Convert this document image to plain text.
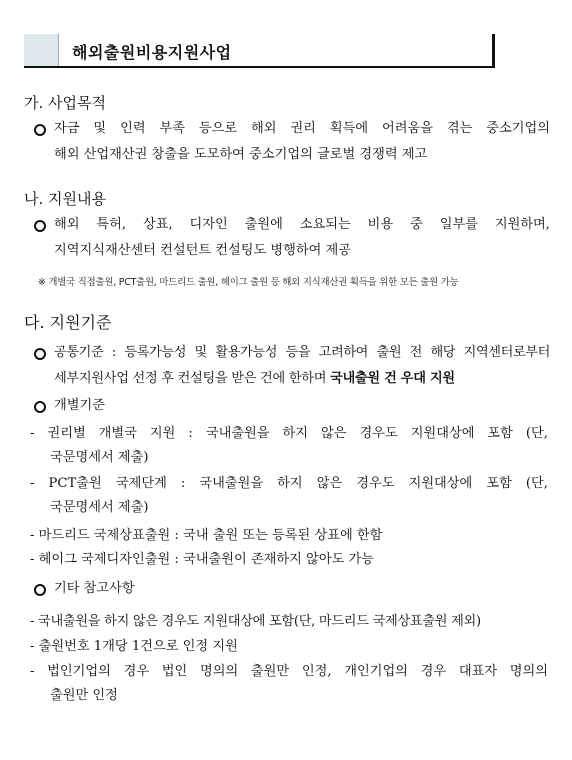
해외출원비용지원사업
가. 사업목적
자금 및 인력 부족 등으로 해외 권리 획득에 어려움을 겪는 중소기업의
해외 산업재산권 창출을 도모하여 중소기업의 글로벌 경쟁력 제고
나. 지원내용
해외 특허, 상표, 디자인 출원에 소요되는 비용 중 일부를 지원하며,
지역지식재산센터 컨설턴트 컨설팅도 병행하여 제공
※ 개별국 직접출원, PCT출원, 마드리드 출원, 헤이그 출원 등 해외 지식재산권 획득을 위한 모든 출원 가능
다. 지원기준
공통기준 : 등록가능성 및 활용가능성 등을 고려하여 출원 전 해당 지역센터로부터
세부지원사업 선정 후 컨설팅을 받은 건에 한하며 국내출원 건 우대 지원
개별기준
- 권리별 개별국 지원 : 국내출원을 하지 않은 경우도 지원대상에 포함 (단,
국문명세서 제출)
- PCT출원 국제단계 : 국내출원을 하지 않은 경우도 지원대상에 포함 (단,
국문명세서 제출)
- 마드리드 국제상표출원 : 국내 출원 또는 등록된 상표에 한함
- 헤이그 국제디자인출원 : 국내출원이 존재하지 않아도 가능
기타 참고사항
- 국내출원을 하지 않은 경우도 지원대상에 포함(단, 마드리드 국제상표출원 제외)
- 출원번호 1개당 1건으로 인정 지원
- 법인기업의 경우 법인 명의의 출원만 인정, 개인기업의 경우 대표자 명의의
출원만 인정
